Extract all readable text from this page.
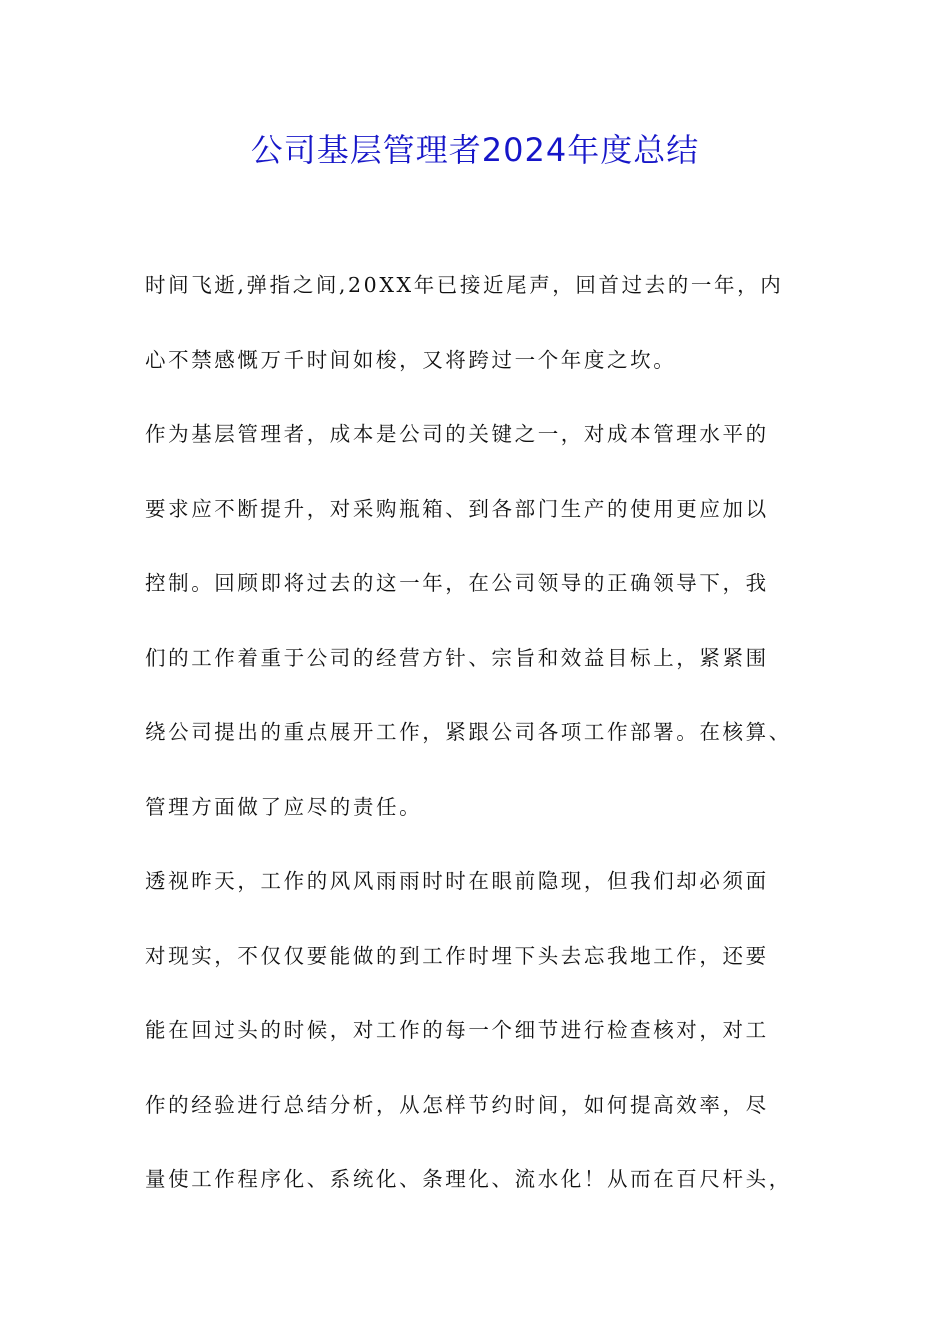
公司基层管理者2024年度总结
时间飞逝,弹指之间,20XX年已接近尾声，回首过去的一年，内
心不禁感慨万千时间如梭，又将跨过一个年度之坎。
作为基层管理者，成本是公司的关键之一，对成本管理水平的
要求应不断提升，对采购瓶箱、到各部门生产的使用更应加以
控制。回顾即将过去的这一年，在公司领导的正确领导下，我
们的工作着重于公司的经营方针、宗旨和效益目标上，紧紧围
绕公司提出的重点展开工作，紧跟公司各项工作部署。在核算、
管理方面做了应尽的责任。
透视昨天，工作的风风雨雨时时在眼前隐现，但我们却必须面
对现实，不仅仅要能做的到工作时埋下头去忘我地工作，还要
能在回过头的时候，对工作的每一个细节进行检查核对，对工
作的经验进行总结分析，从怎样节约时间，如何提高效率，尽
量使工作程序化、系统化、条理化、流水化！从而在百尺杆头，
